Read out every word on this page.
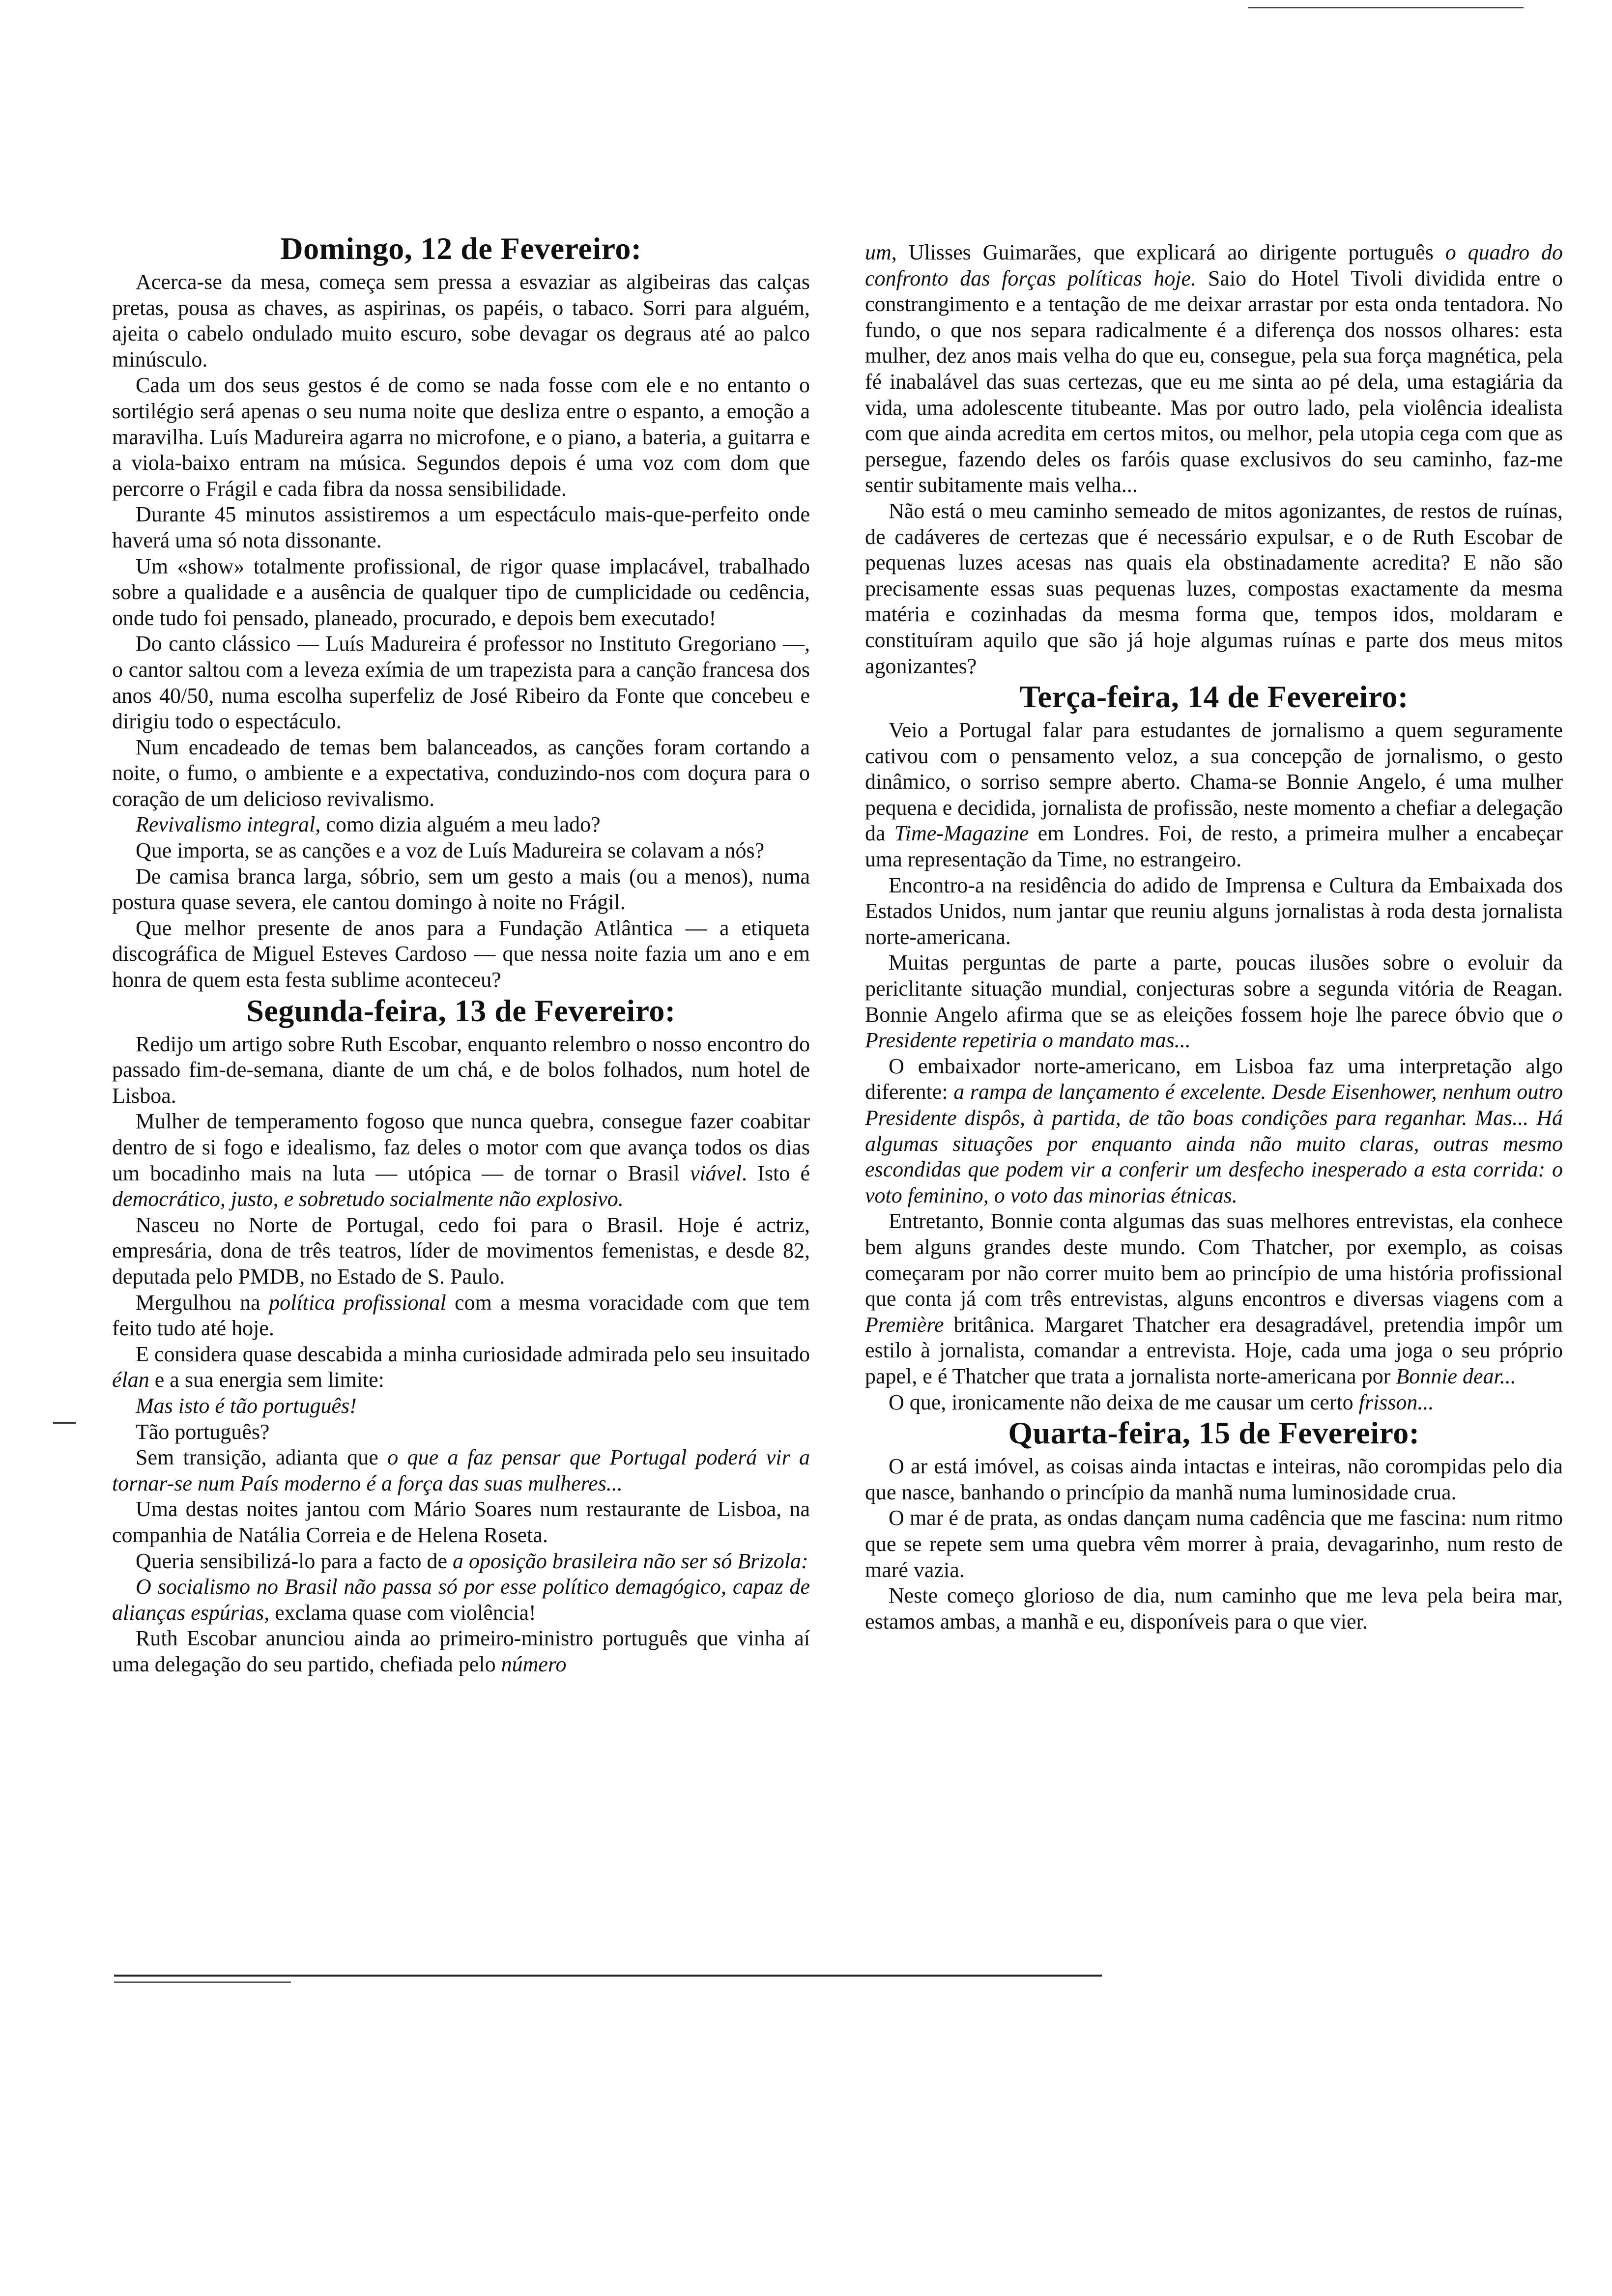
Domingo, 12 de Fevereiro:

Acerca-se da mesa, começa sem pressa a esvaziar as algibeiras das calças pretas, pousa as chaves, as aspirinas, os papéis, o tabaco. Sorri para alguém, ajeita o cabelo ondulado muito escuro, sobe devagar os degraus até ao palco minúsculo.

Cada um dos seus gestos é de como se nada fosse com ele e no entanto o sortilégio será apenas o seu numa noite que desliza entre o espanto, a emoção a maravilha. Luís Madureira agarra no microfone, e o piano, a bateria, a guitarra e a viola-baixo entram na música. Segundos depois é uma voz com dom que percorre o Frágil e cada fibra da nossa sensibilidade.

Durante 45 minutos assistiremos a um espectáculo mais-que-perfeito onde haverá uma só nota dissonante.

Um «show» totalmente profissional, de rigor quase implacável, trabalhado sobre a qualidade e a ausência de qualquer tipo de cumplicidade ou cedência, onde tudo foi pensado, planeado, procurado, e depois bem executado!

Do canto clássico — Luís Madureira é professor no Instituto Gregoriano —, o cantor saltou com a leveza exímia de um trapezista para a canção francesa dos anos 40/50, numa escolha superfeliz de José Ribeiro da Fonte que concebeu e dirigiu todo o espectáculo.

Num encadeado de temas bem balanceados, as canções foram cortando a noite, o fumo, o ambiente e a expectativa, conduzindo-nos com doçura para o coração de um delicioso revivalismo.

Revivalismo integral, como dizia alguém a meu lado?

Que importa, se as canções e a voz de Luís Madureira se colavam a nós?

De camisa branca larga, sóbrio, sem um gesto a mais (ou a menos), numa postura quase severa, ele cantou domingo à noite no Frágil.

Que melhor presente de anos para a Fundação Atlântica — a etiqueta discográfica de Miguel Esteves Cardoso — que nessa noite fazia um ano e em honra de quem esta festa sublime aconteceu?

Segunda-feira, 13 de Fevereiro:

Redijo um artigo sobre Ruth Escobar, enquanto relembro o nosso encontro do passado fim-de-semana, diante de um chá, e de bolos folhados, num hotel de Lisboa.

Mulher de temperamento fogoso que nunca quebra, consegue fazer coabitar dentro de si fogo e idealismo, faz deles o motor com que avança todos os dias um bocadinho mais na luta — utópica — de tornar o Brasil viável. Isto é democrático, justo, e sobretudo socialmente não explosivo.

Nasceu no Norte de Portugal, cedo foi para o Brasil. Hoje é actriz, empresária, dona de três teatros, líder de movimentos femenistas, e desde 82, deputada pelo PMDB, no Estado de S. Paulo.

Mergulhou na política profissional com a mesma voracidade com que tem feito tudo até hoje.

E considera quase descabida a minha curiosidade admirada pelo seu insuitado élan e a sua energia sem limite:

Mas isto é tão português!

Tão português?

Sem transição, adianta que o que a faz pensar que Portugal poderá vir a tornar-se num País moderno é a força das suas mulheres...

Uma destas noites jantou com Mário Soares num restaurante de Lisboa, na companhia de Natália Correia e de Helena Roseta.

Queria sensibilizá-lo para a facto de a oposição brasileira não ser só Brizola:

O socialismo no Brasil não passa só por esse político demagógico, capaz de alianças espúrias, exclama quase com violência!

Ruth Escobar anunciou ainda ao primeiro-ministro português que vinha aí uma delegação do seu partido, chefiada pelo número

um, Ulisses Guimarães, que explicará ao dirigente português o quadro do confronto das forças políticas hoje. Saio do Hotel Tivoli dividida entre o constrangimento e a tentação de me deixar arrastar por esta onda tentadora. No fundo, o que nos separa radicalmente é a diferença dos nossos olhares: esta mulher, dez anos mais velha do que eu, consegue, pela sua força magnética, pela fé inabalável das suas certezas, que eu me sinta ao pé dela, uma estagiária da vida, uma adolescente titubeante. Mas por outro lado, pela violência idealista com que ainda acredita em certos mitos, ou melhor, pela utopia cega com que as persegue, fazendo deles os faróis quase exclusivos do seu caminho, faz-me sentir subitamente mais velha...

Não está o meu caminho semeado de mitos agonizantes, de restos de ruínas, de cadáveres de certezas que é necessário expulsar, e o de Ruth Escobar de pequenas luzes acesas nas quais ela obstinadamente acredita? E não são precisamente essas suas pequenas luzes, compostas exactamente da mesma matéria e cozinhadas da mesma forma que, tempos idos, moldaram e constituíram aquilo que são já hoje algumas ruínas e parte dos meus mitos agonizantes?

Terça-feira, 14 de Fevereiro:

Veio a Portugal falar para estudantes de jornalismo a quem seguramente cativou com o pensamento veloz, a sua concepção de jornalismo, o gesto dinâmico, o sorriso sempre aberto. Chama-se Bonnie Angelo, é uma mulher pequena e decidida, jornalista de profissão, neste momento a chefiar a delegação da Time-Magazine em Londres. Foi, de resto, a primeira mulher a encabeçar uma representação da Time, no estrangeiro.

Encontro-a na residência do adido de Imprensa e Cultura da Embaixada dos Estados Unidos, num jantar que reuniu alguns jornalistas à roda desta jornalista norte-americana.

Muitas perguntas de parte a parte, poucas ilusões sobre o evoluir da periclitante situação mundial, conjecturas sobre a segunda vitória de Reagan. Bonnie Angelo afirma que se as eleições fossem hoje lhe parece óbvio que o Presidente repetiria o mandato mas...

O embaixador norte-americano, em Lisboa faz uma interpretação algo diferente: a rampa de lançamento é excelente. Desde Eisenhower, nenhum outro Presidente dispôs, à partida, de tão boas condições para reganhar. Mas... Há algumas situações por enquanto ainda não muito claras, outras mesmo escondidas que podem vir a conferir um desfecho inesperado a esta corrida: o voto feminino, o voto das minorias étnicas.

Entretanto, Bonnie conta algumas das suas melhores entrevistas, ela conhece bem alguns grandes deste mundo. Com Thatcher, por exemplo, as coisas começaram por não correr muito bem ao princípio de uma história profissional que conta já com três entrevistas, alguns encontros e diversas viagens com a Première britânica. Margaret Thatcher era desagradável, pretendia impôr um estilo à jornalista, comandar a entrevista. Hoje, cada uma joga o seu próprio papel, e é Thatcher que trata a jornalista norte-americana por Bonnie dear...

O que, ironicamente não deixa de me causar um certo frisson...

Quarta-feira, 15 de Fevereiro:

O ar está imóvel, as coisas ainda intactas e inteiras, não corompidas pelo dia que nasce, banhando o princípio da manhã numa luminosidade crua.

O mar é de prata, as ondas dançam numa cadência que me fascina: num ritmo que se repete sem uma quebra vêm morrer à praia, devagarinho, num resto de maré vazia.

Neste começo glorioso de dia, num caminho que me leva pela beira mar, estamos ambas, a manhã e eu, disponíveis para o que vier.
